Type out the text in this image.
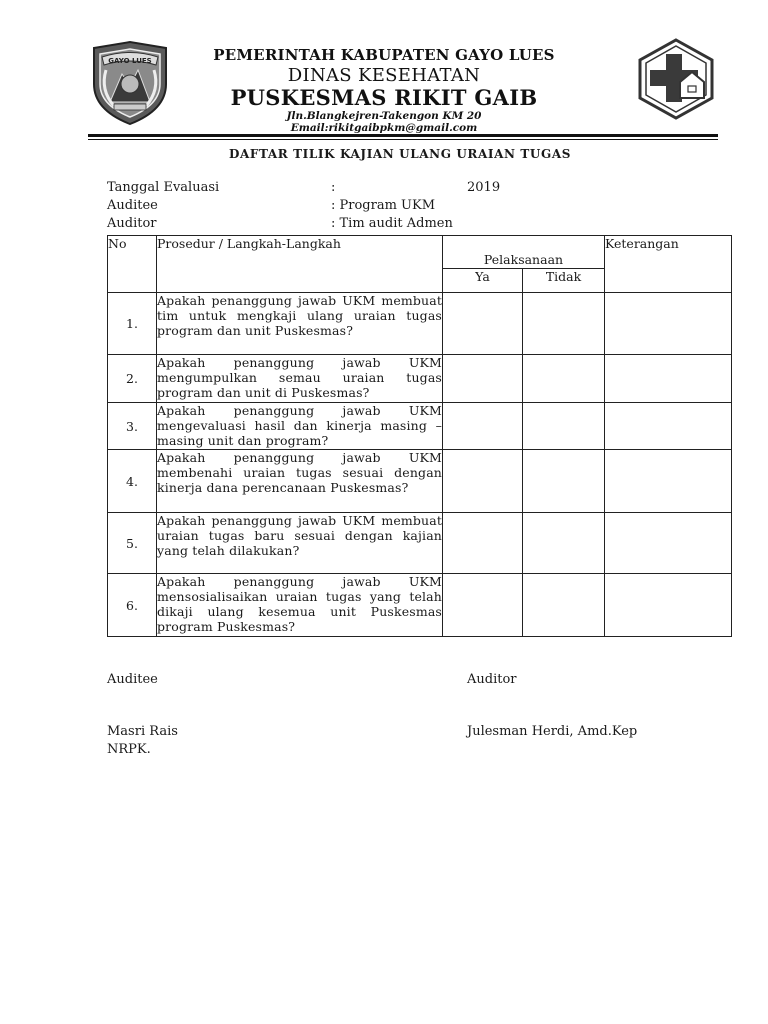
GAYO LUES	PEMERINTAH KABUPATEN GAYO LUES
DINAS KESEHATAN
PUSKESMAS RIKIT GAIB
Jln.Blangkejren-Takengon KM 20
Email:rikitgaibpkm@gmail.com
DAFTAR TILIK KAJIAN ULANG URAIAN TUGAS
Tanggal Evaluasi	:	2019
Auditee	: Program UKM
Auditor	: Tim audit Admen
No	Prosedur / Langkah-Langkah	Pelaksanaan		Keterangan
		Ya	Tidak	
1.	Apakah penanggung jawab UKM membuat tim untuk mengkaji ulang uraian tugas program dan unit Puskesmas?			
2.	Apakah penanggung jawab UKM mengumpulkan semau uraian tugas program dan unit di Puskesmas?			
3.	Apakah penanggung jawab UKM mengevaluasi hasil dan kinerja masing – masing unit dan program?			
4.	Apakah penanggung jawab UKM membenahi uraian tugas sesuai dengan kinerja dana perencanaan Puskesmas?			
5.	Apakah penanggung jawab UKM membuat uraian tugas baru sesuai dengan kajian yang telah dilakukan?			
6.	Apakah penanggung jawab UKM mensosialisaikan uraian tugas yang telah dikaji ulang kesemua unit Puskesmas program Puskesmas?			
Auditee	Auditor
Masri Rais
NRPK.
Julesman Herdi, Amd.Kep
